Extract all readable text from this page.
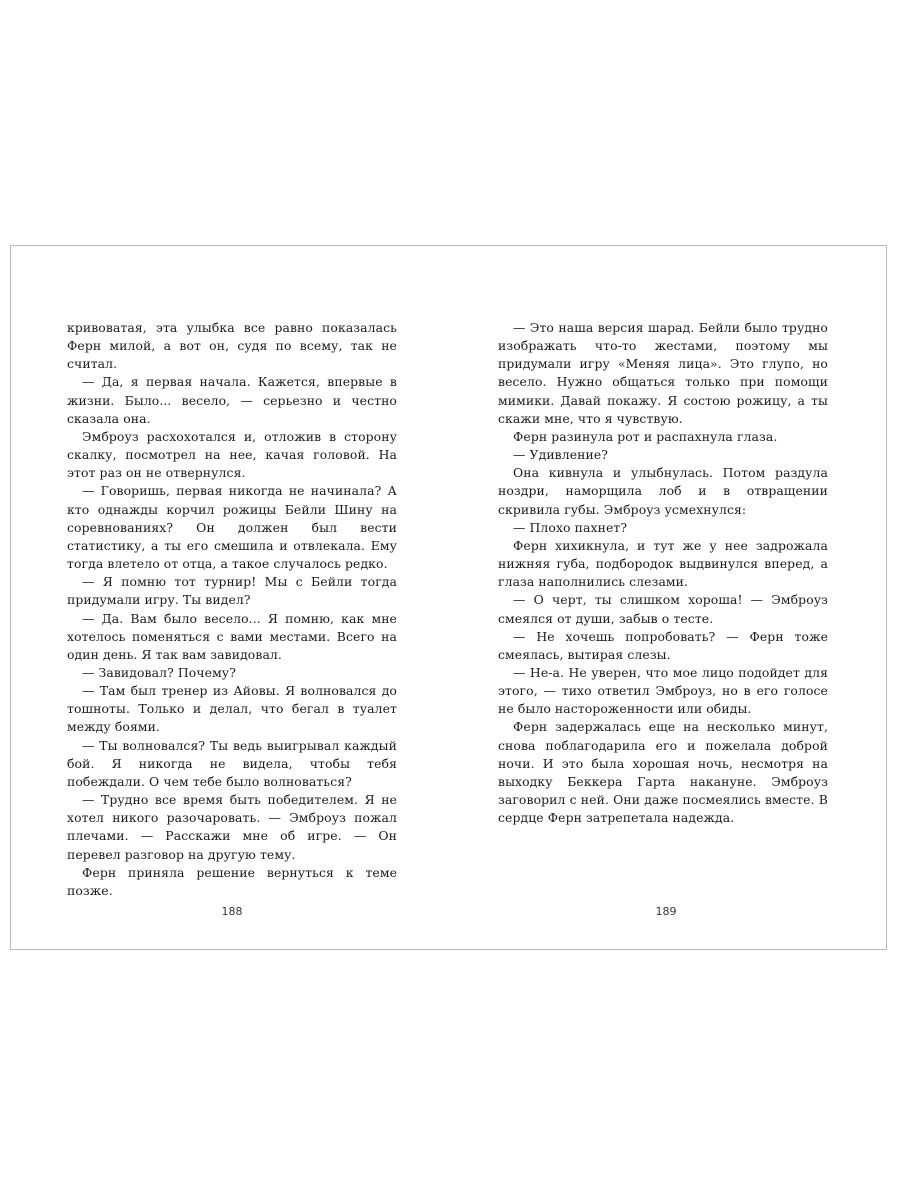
кривоватая, эта улыбка все равно показалась Ферн милой, а вот он, судя по всему, так не считал.

— Да, я первая начала. Кажется, впервые в жизни. Было... весело, — серьезно и честно сказала она.

Эмброуз расхохотался и, отложив в сторону скалку, посмотрел на нее, качая головой. На этот раз он не отвернулся.

— Говоришь, первая никогда не начинала? А кто однажды корчил рожицы Бейли Шину на соревнованиях? Он должен был вести статистику, а ты его смешила и отвлекала. Ему тогда влетело от отца, а такое случалось редко.

— Я помню тот турнир! Мы с Бейли тогда придумали игру. Ты видел?

— Да. Вам было весело... Я помню, как мне хотелось поменяться с вами местами. Всего на один день. Я так вам завидовал.

— Завидовал? Почему?

— Там был тренер из Айовы. Я волновался до тошноты. Только и делал, что бегал в туалет между боями.

— Ты волновался? Ты ведь выигрывал каждый бой. Я никогда не видела, чтобы тебя побеждали. О чем тебе было волноваться?

— Трудно все время быть победителем. Я не хотел никого разочаровать. — Эмброуз пожал плечами. — Расскажи мне об игре. — Он перевел разговор на другую тему.

Ферн приняла решение вернуться к теме позже.

— Это наша версия шарад. Бейли было трудно изображать что-то жестами, поэтому мы придумали игру «Меняя лица». Это глупо, но весело. Нужно общаться только при помощи мимики. Давай покажу. Я состою рожицу, а ты скажи мне, что я чувствую.

Ферн разинула рот и распахнула глаза.

— Удивление?

Она кивнула и улыбнулась. Потом раздула ноздри, наморщила лоб и в отвращении скривила губы. Эмброуз усмехнулся:

— Плохо пахнет?

Ферн хихикнула, и тут же у нее задрожала нижняя губа, подбородок выдвинулся вперед, а глаза наполнились слезами.

— О черт, ты слишком хороша! — Эмброуз смеялся от души, забыв о тесте.

— Не хочешь попробовать? — Ферн тоже смеялась, вытирая слезы.

— Не-а. Не уверен, что мое лицо подойдет для этого, — тихо ответил Эмброуз, но в его голосе не было настороженности или обиды.

Ферн задержалась еще на несколько минут, снова поблагодарила его и пожелала доброй ночи. И это была хорошая ночь, несмотря на выходку Беккера Гарта накануне. Эмброуз заговорил с ней. Они даже посмеялись вместе. В сердце Ферн затрепетала надежда.

188	189
